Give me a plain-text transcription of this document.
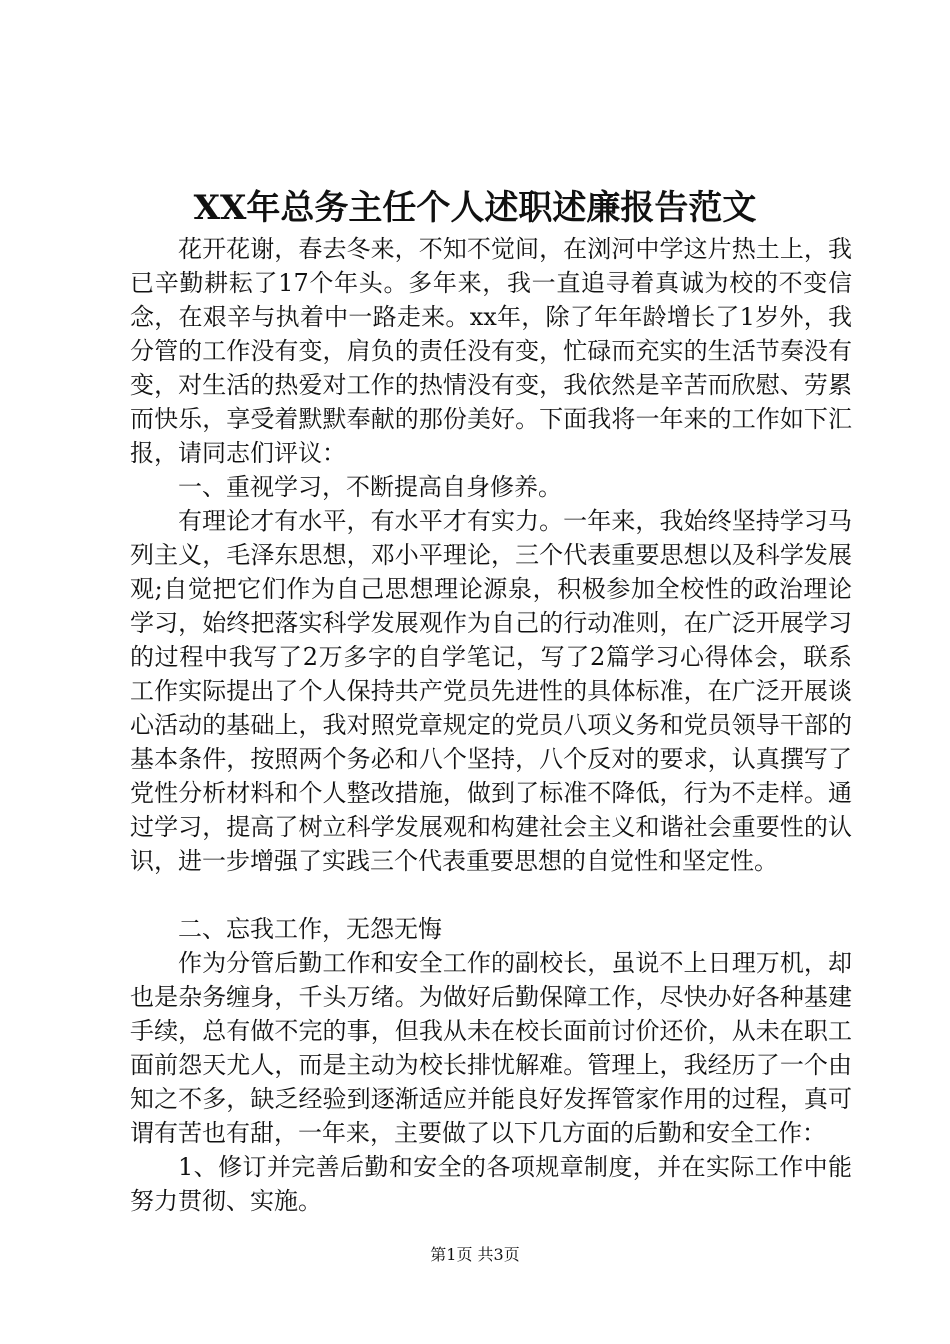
XX年总务主任个人述职述廉报告范文

花开花谢，春去冬来，不知不觉间，在浏河中学这片热土上，我已辛勤耕耘了17个年头。多年来，我一直追寻着真诚为校的不变信念，在艰辛与执着中一路走来。xx年，除了年年龄增长了1岁外，我分管的工作没有变，肩负的责任没有变，忙碌而充实的生活节奏没有变，对生活的热爱对工作的热情没有变，我依然是辛苦而欣慰、劳累而快乐，享受着默默奉献的那份美好。下面我将一年来的工作如下汇报，请同志们评议：

一、重视学习，不断提高自身修养。

有理论才有水平，有水平才有实力。一年来，我始终坚持学习马列主义，毛泽东思想，邓小平理论，三个代表重要思想以及科学发展观;自觉把它们作为自己思想理论源泉，积极参加全校性的政治理论学习，始终把落实科学发展观作为自己的行动准则，在广泛开展学习的过程中我写了2万多字的自学笔记，写了2篇学习心得体会，联系工作实际提出了个人保持共产党员先进性的具体标准，在广泛开展谈心活动的基础上，我对照党章规定的党员八项义务和党员领导干部的基本条件，按照两个务必和八个坚持，八个反对的要求，认真撰写了党性分析材料和个人整改措施，做到了标准不降低，行为不走样。通过学习，提高了树立科学发展观和构建社会主义和谐社会重要性的认识，进一步增强了实践三个代表重要思想的自觉性和坚定性。

二、忘我工作，无怨无悔

作为分管后勤工作和安全工作的副校长，虽说不上日理万机，却也是杂务缠身，千头万绪。为做好后勤保障工作，尽快办好各种基建手续，总有做不完的事，但我从未在校长面前讨价还价，从未在职工面前怨天尤人，而是主动为校长排忧解难。管理上，我经历了一个由知之不多，缺乏经验到逐渐适应并能良好发挥管家作用的过程，真可谓有苦也有甜，一年来，主要做了以下几方面的后勤和安全工作：

1、修订并完善后勤和安全的各项规章制度，并在实际工作中能努力贯彻、实施。

第1页 共3页
